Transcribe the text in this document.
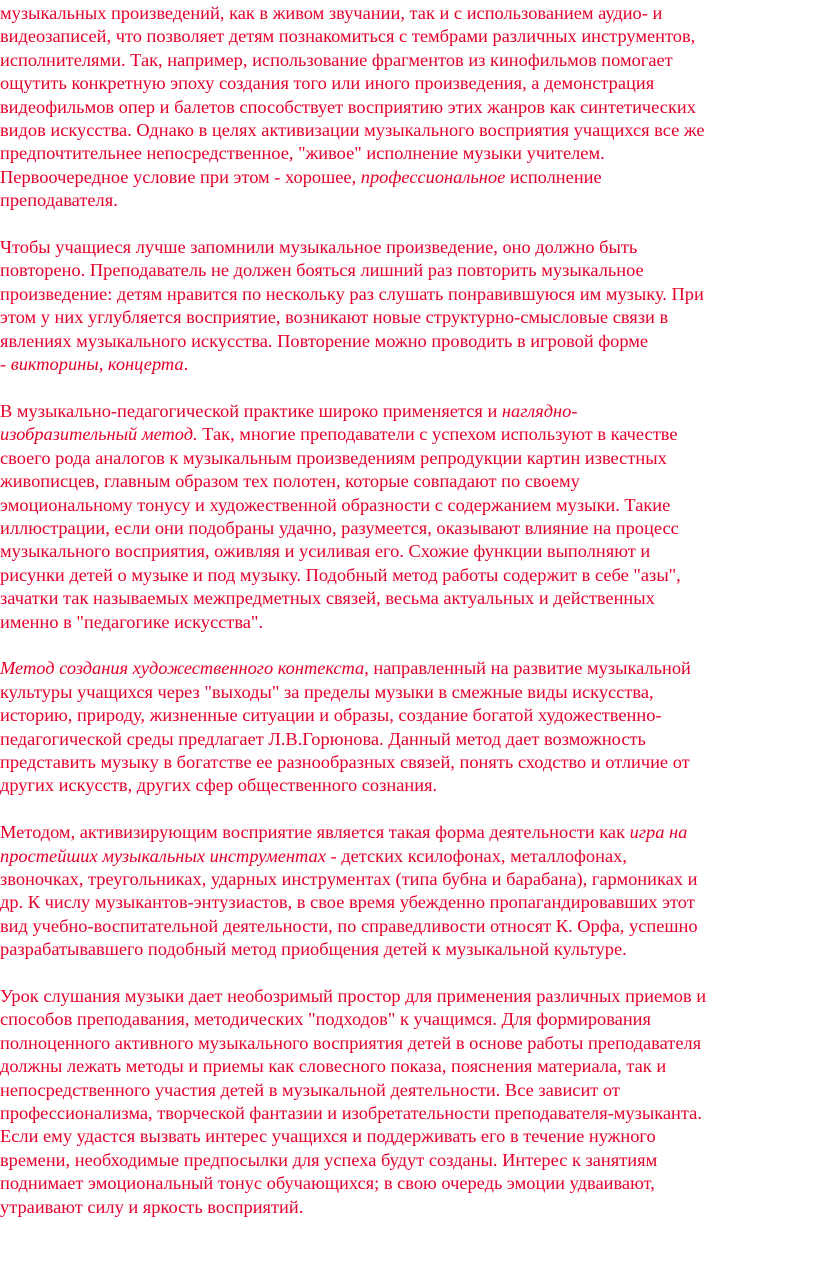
музыкальных произведений, как в живом звучании, так и с использованием аудио- и
видеозаписей, что позволяет детям познакомиться с тембрами различных инструментов,
исполнителями. Так, например, использование фрагментов из кинофильмов помогает
ощутить конкретную эпоху создания того или иного произведения, а демонстрация
видеофильмов опер и балетов способствует восприятию этих жанров как синтетических
видов искусства. Однако в целях активизации музыкального восприятия учащихся все же
предпочтительнее непосредственное, "живое" исполнение музыки учителем.
Первоочередное условие при этом - хорошее, профессиональное исполнение
преподавателя.

Чтобы учащиеся лучше запомнили музыкальное произведение, оно должно быть
повторено. Преподаватель не должен бояться лишний раз повторить музыкальное
произведение: детям нравится по нескольку раз слушать понравившуюся им музыку. При
этом у них углубляется восприятие, возникают новые структурно-смысловые связи в
явлениях музыкального искусства. Повторение можно проводить в игровой форме
- викторины, концерта.

В музыкально-педагогической практике широко применяется и наглядно-
изобразительный метод. Так, многие преподаватели с успехом используют в качестве
своего рода аналогов к музыкальным произведениям репродукции картин известных
живописцев, главным образом тех полотен, которые совпадают по своему
эмоциональному тонусу и художественной образности с содержанием музыки. Такие
иллюстрации, если они подобраны удачно, разумеется, оказывают влияние на процесс
музыкального восприятия, оживляя и усиливая его. Схожие функции выполняют и
рисунки детей о музыке и под музыку. Подобный метод работы содержит в себе "азы",
зачатки так называемых межпредметных связей, весьма актуальных и действенных
именно в "педагогике искусства".

Метод создания художественного контекста, направленный на развитие музыкальной
культуры учащихся через "выходы" за пределы музыки в смежные виды искусства,
историю, природу, жизненные ситуации и образы, создание богатой художественно-
педагогической среды предлагает Л.В.Горюнова. Данный метод дает возможность
представить музыку в богатстве ее разнообразных связей, понять сходство и отличие от
других искусств, других сфер общественного сознания.

Методом, активизирующим восприятие является такая форма деятельности как игра на
простейших музыкальных инструментах - детских ксилофонах, металлофонах,
звоночках, треугольниках, ударных инструментах (типа бубна и барабана), гармониках и
др. К числу музыкантов-энтузиастов, в свое время убежденно пропагандировавших этот
вид учебно-воспитательной деятельности, по справедливости относят К. Орфа, успешно
разрабатывавшего подобный метод приобщения детей к музыкальной культуре.

Урок слушания музыки дает необозримый простор для применения различных приемов и
способов преподавания, методических "подходов" к учащимся. Для формирования
полноценного активного музыкального восприятия детей в основе работы преподавателя
должны лежать методы и приемы как словесного показа, пояснения материала, так и
непосредственного участия детей в музыкальной деятельности. Все зависит от
профессионализма, творческой фантазии и изобретательности преподавателя-музыканта.
Если ему удастся вызвать интерес учащихся и поддерживать его в течение нужного
времени, необходимые предпосылки для успеха будут созданы. Интерес к занятиям
поднимает эмоциональный тонус обучающихся; в свою очередь эмоции удваивают,
утраивают силу и яркость восприятий.
